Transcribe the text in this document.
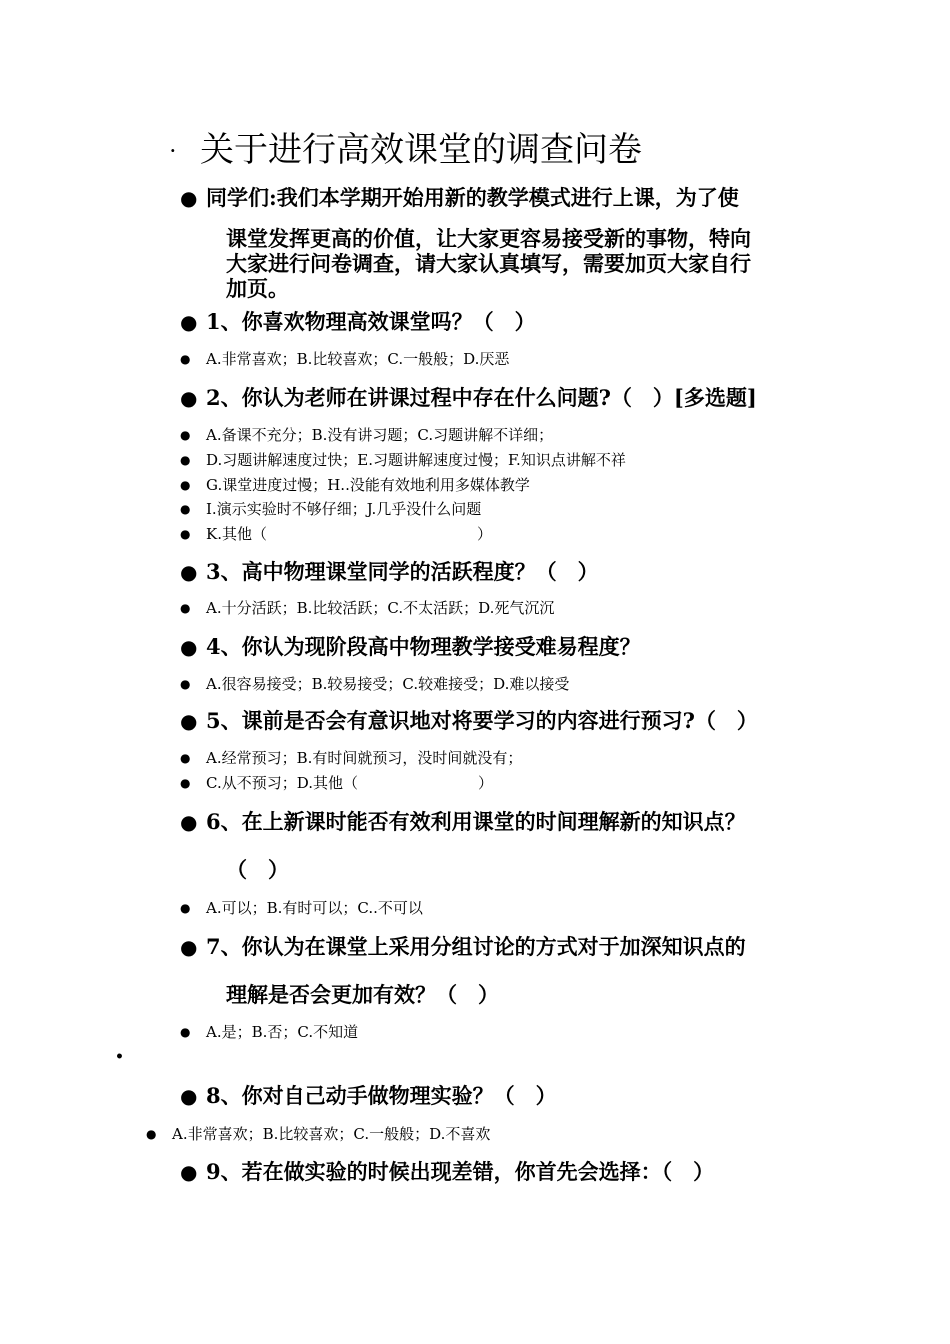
· 关于进行高效课堂的调查问卷
● 同学们:我们本学期开始用新的教学模式进行上课，为了使
课堂发挥更高的价值，让大家更容易接受新的事物，特向
大家进行问卷调查，请大家认真填写，需要加页大家自行
加页。
● 1、你喜欢物理高效课堂吗？（　）
●	A.非常喜欢；B.比较喜欢；C.一般般；D.厌恶
● 2、你认为老师在讲课过程中存在什么问题?（　）[多选题]
●	A.备课不充分；B.没有讲习题；C.习题讲解不详细；
●	D.习题讲解速度过快；E.习题讲解速度过慢；F.知识点讲解不祥
●	G.课堂进度过慢；H..没能有效地利用多媒体教学
●	I.演示实验时不够仔细；J.几乎没什么问题
●	K.其他（　　　　　　　　　　　　　　）
● 3、高中物理课堂同学的活跃程度？（　）
●	A.十分活跃；B.比较活跃；C.不太活跃；D.死气沉沉
● 4、你认为现阶段高中物理教学接受难易程度？
●	A.很容易接受；B.较易接受；C.较难接受；D.难以接受
● 5、课前是否会有意识地对将要学习的内容进行预习?（　）
●	A.经常预习；B.有时间就预习，没时间就没有；
●	C.从不预习；D.其他（　　　　　　　　）
● 6、在上新课时能否有效利用课堂的时间理解新的知识点？
（　）
●	A.可以；B.有时可以；C..不可以
● 7、你认为在课堂上采用分组讨论的方式对于加深知识点的
理解是否会更加有效？（　）
●	A.是；B.否；C.不知道
•
● 8、你对自己动手做物理实验？（　）
●	A.非常喜欢；B.比较喜欢；C.一般般；D.不喜欢
● 9、若在做实验的时候出现差错，你首先会选择：（　）
